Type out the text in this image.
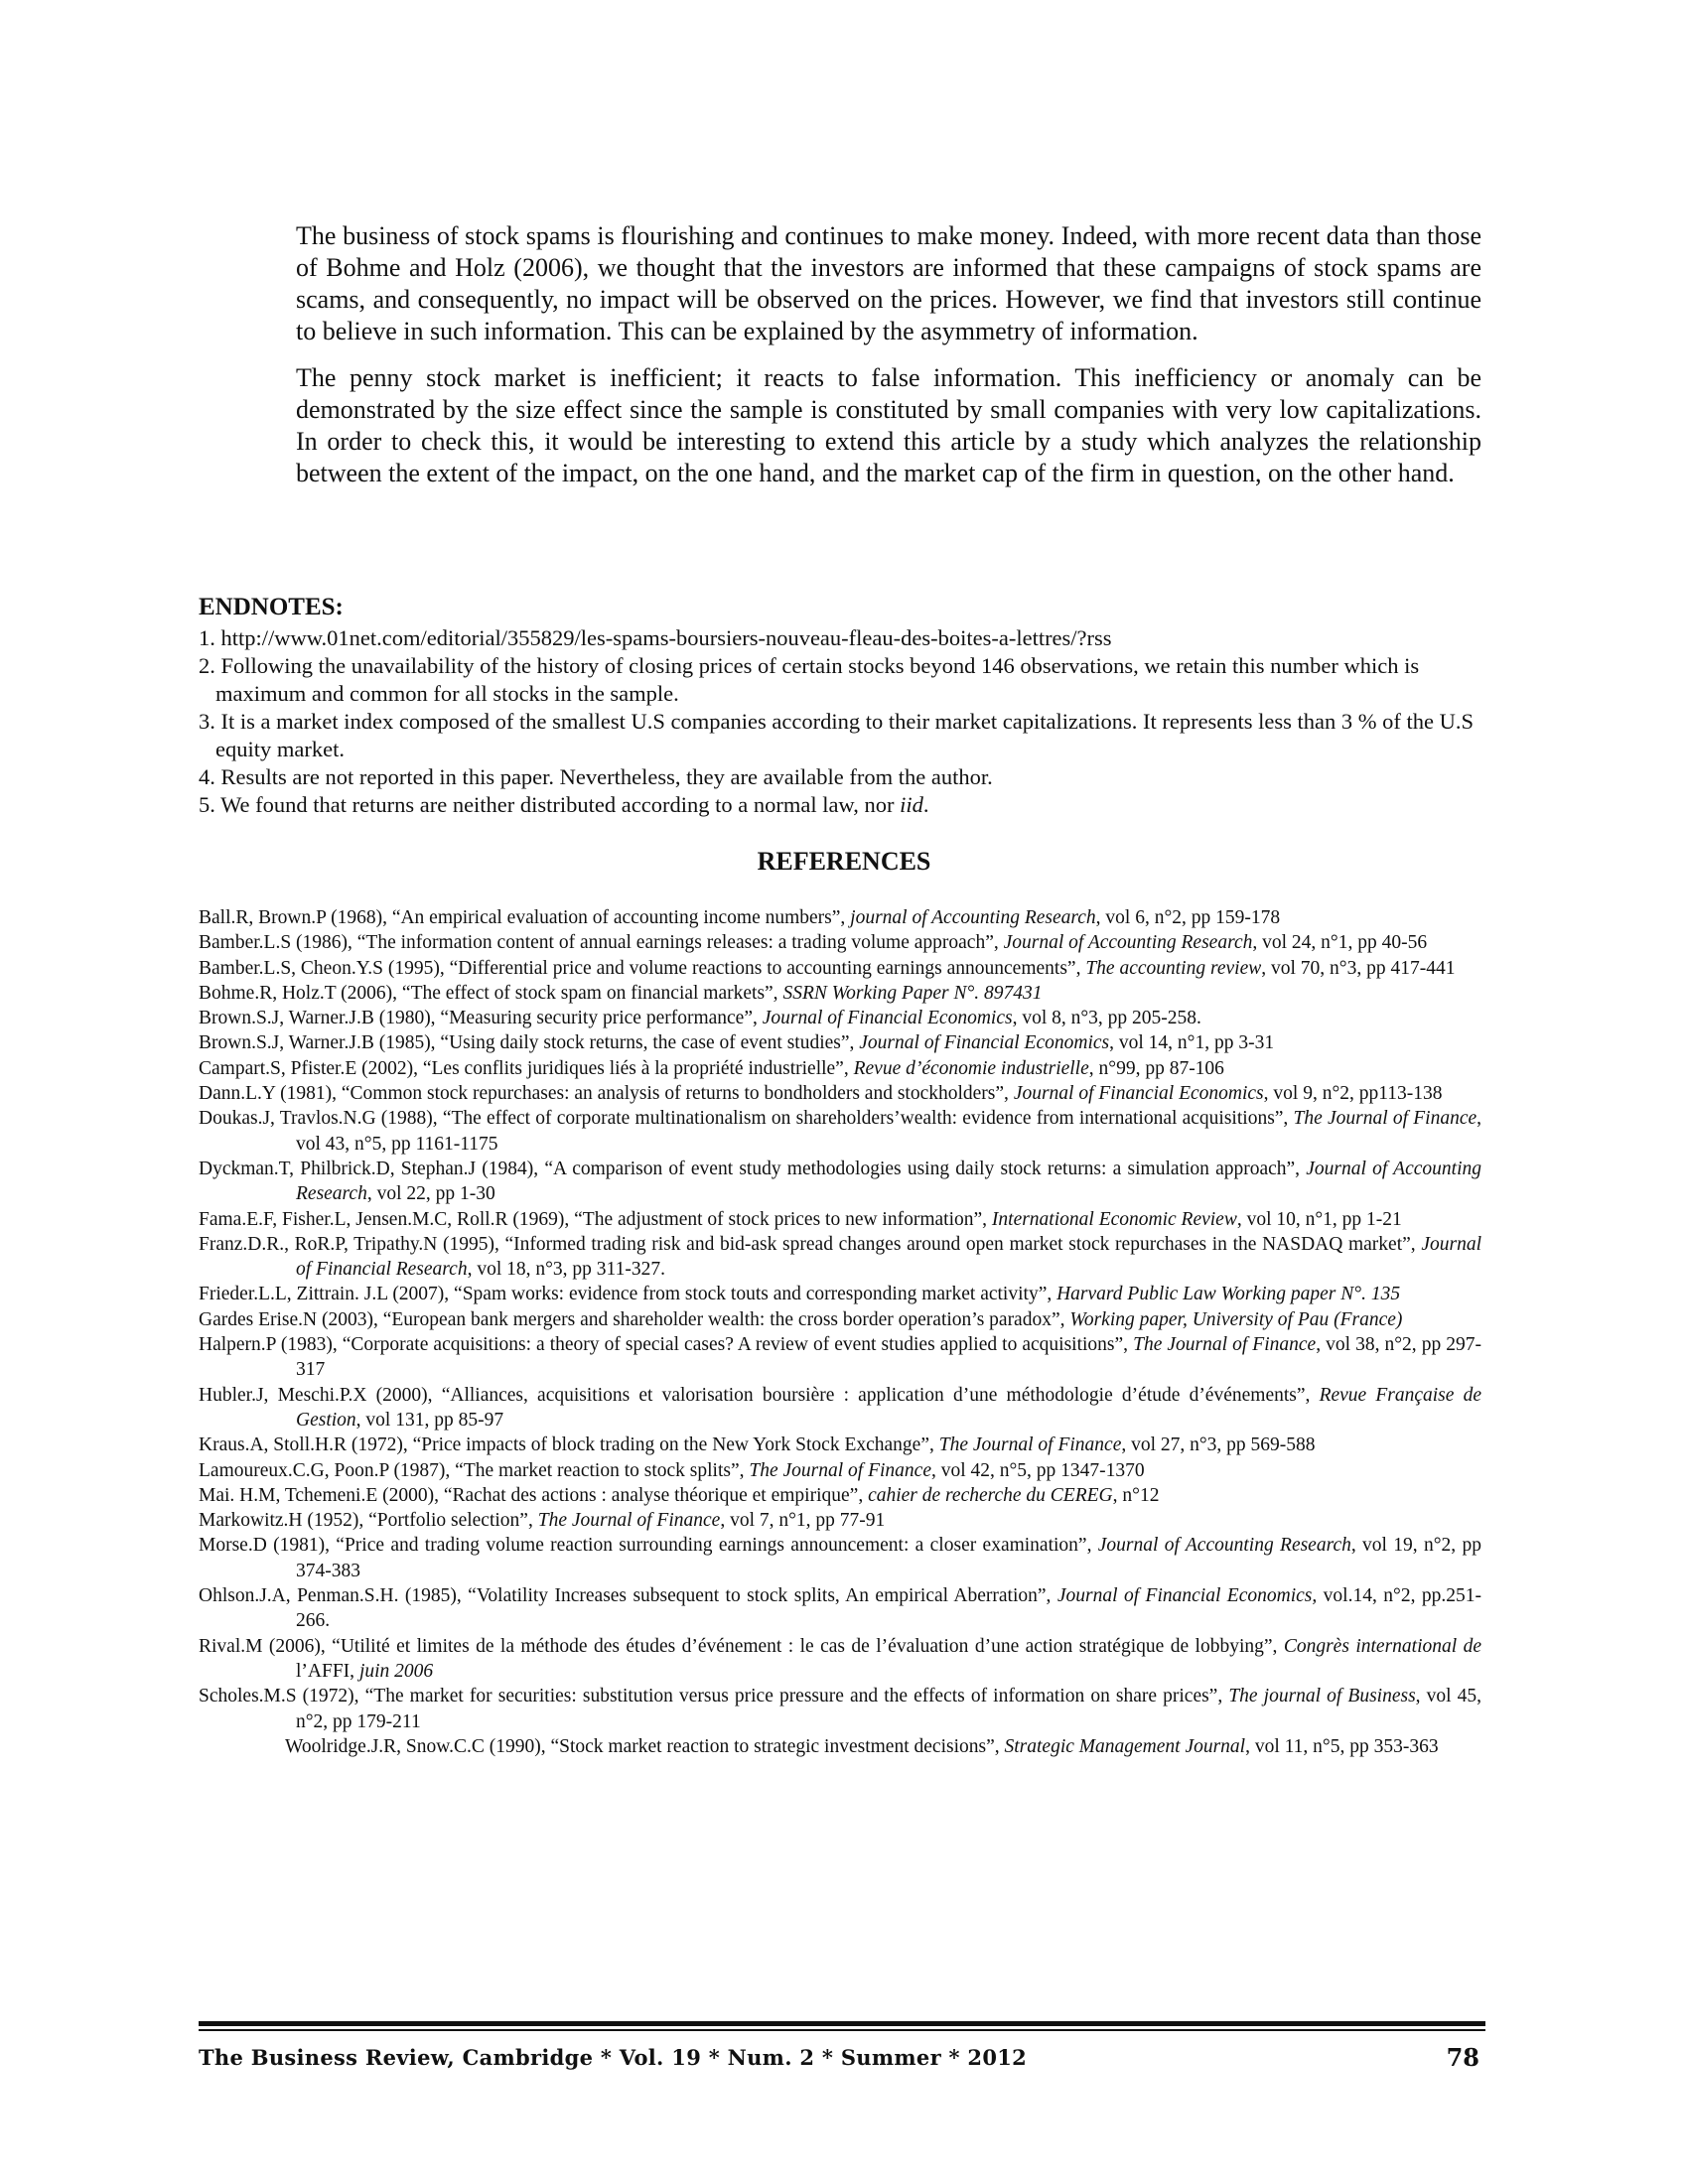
The business of stock spams is flourishing and continues to make money. Indeed, with more recent data than those of Bohme and Holz (2006), we thought that the investors are informed that these campaigns of stock spams are scams, and consequently, no impact will be observed on the prices. However, we find that investors still continue to believe in such information. This can be explained by the asymmetry of information.

The penny stock market is inefficient; it reacts to false information. This inefficiency or anomaly can be demonstrated by the size effect since the sample is constituted by small companies with very low capitalizations. In order to check this, it would be interesting to extend this article by a study which analyzes the relationship between the extent of the impact, on the one hand, and the market cap of the firm in question, on the other hand.

ENDNOTES:
1. http://www.01net.com/editorial/355829/les-spams-boursiers-nouveau-fleau-des-boites-a-lettres/?rss
2. Following the unavailability of the history of closing prices of certain stocks beyond 146 observations, we retain this number which is maximum and common for all stocks in the sample.
3. It is a market index composed of the smallest U.S companies according to their market capitalizations. It represents less than 3 % of the U.S equity market.
4. Results are not reported in this paper. Nevertheless, they are available from the author.
5. We found that returns are neither distributed according to a normal law, nor iid.
REFERENCES
Ball.R, Brown.P (1968), “An empirical evaluation of accounting income numbers”, journal of Accounting Research, vol 6, n°2, pp 159-178
Bamber.L.S (1986), “The information content of annual earnings releases: a trading volume approach”, Journal of Accounting Research, vol 24, n°1, pp 40-56
Bamber.L.S, Cheon.Y.S (1995), “Differential price and volume reactions to accounting earnings announcements”, The accounting review, vol 70, n°3, pp 417-441
Bohme.R, Holz.T (2006), “The effect of stock spam on financial markets”, SSRN Working Paper N°. 897431
Brown.S.J, Warner.J.B (1980), “Measuring security price performance”, Journal of Financial Economics, vol 8, n°3, pp 205-258.
Brown.S.J, Warner.J.B (1985), “Using daily stock returns, the case of event studies”, Journal of Financial Economics, vol 14, n°1, pp 3-31
Campart.S, Pfister.E (2002), “Les conflits juridiques liés à la propriété industrielle”, Revue d’économie industrielle, n°99, pp 87-106
Dann.L.Y (1981), “Common stock repurchases: an analysis of returns to bondholders and stockholders”, Journal of Financial Economics, vol 9, n°2, pp113-138
Doukas.J, Travlos.N.G (1988), “The effect of corporate multinationalism on shareholders’wealth: evidence from international acquisitions”, The Journal of Finance, vol 43, n°5, pp 1161-1175
Dyckman.T, Philbrick.D, Stephan.J (1984), “A comparison of event study methodologies using daily stock returns: a simulation approach”, Journal of Accounting Research, vol 22, pp 1-30
Fama.E.F, Fisher.L, Jensen.M.C, Roll.R (1969), “The adjustment of stock prices to new information”, International Economic Review, vol 10, n°1, pp 1-21
Franz.D.R., RoR.P, Tripathy.N (1995), “Informed trading risk and bid-ask spread changes around open market stock repurchases in the NASDAQ market”, Journal of Financial Research, vol 18, n°3, pp 311-327.
Frieder.L.L, Zittrain. J.L (2007), “Spam works: evidence from stock touts and corresponding market activity”, Harvard Public Law Working paper N°. 135
Gardes Erise.N (2003), “European bank mergers and shareholder wealth: the cross border operation’s paradox”, Working paper, University of Pau (France)
Halpern.P (1983), “Corporate acquisitions: a theory of special cases? A review of event studies applied to acquisitions”, The Journal of Finance, vol 38, n°2, pp 297-317
Hubler.J, Meschi.P.X (2000), “Alliances, acquisitions et valorisation boursière : application d’une méthodologie d’étude d’événements”, Revue Française de Gestion, vol 131, pp 85-97
Kraus.A, Stoll.H.R (1972), “Price impacts of block trading on the New York Stock Exchange”, The Journal of Finance, vol 27, n°3, pp 569-588
Lamoureux.C.G, Poon.P (1987), “The market reaction to stock splits”, The Journal of Finance, vol 42, n°5, pp 1347-1370
Mai. H.M, Tchemeni.E (2000), “Rachat des actions : analyse théorique et empirique”, cahier de recherche du CEREG, n°12
Markowitz.H (1952), “Portfolio selection”, The Journal of Finance, vol 7, n°1, pp 77-91
Morse.D (1981), “Price and trading volume reaction surrounding earnings announcement: a closer examination”, Journal of Accounting Research, vol 19, n°2, pp 374-383
Ohlson.J.A, Penman.S.H. (1985), “Volatility Increases subsequent to stock splits, An empirical Aberration”, Journal of Financial Economics, vol.14, n°2, pp.251-266.
Rival.M (2006), “Utilité et limites de la méthode des études d’événement : le cas de l’évaluation d’une action stratégique de lobbying”, Congrès international de l’AFFI, juin 2006
Scholes.M.S (1972), “The market for securities: substitution versus price pressure and the effects of information on share prices”, The journal of Business, vol 45, n°2, pp 179-211
Woolridge.J.R, Snow.C.C (1990), “Stock market reaction to strategic investment decisions”, Strategic Management Journal, vol 11, n°5, pp 353-363
The Business Review, Cambridge * Vol. 19 * Num. 2 * Summer * 2012	78
